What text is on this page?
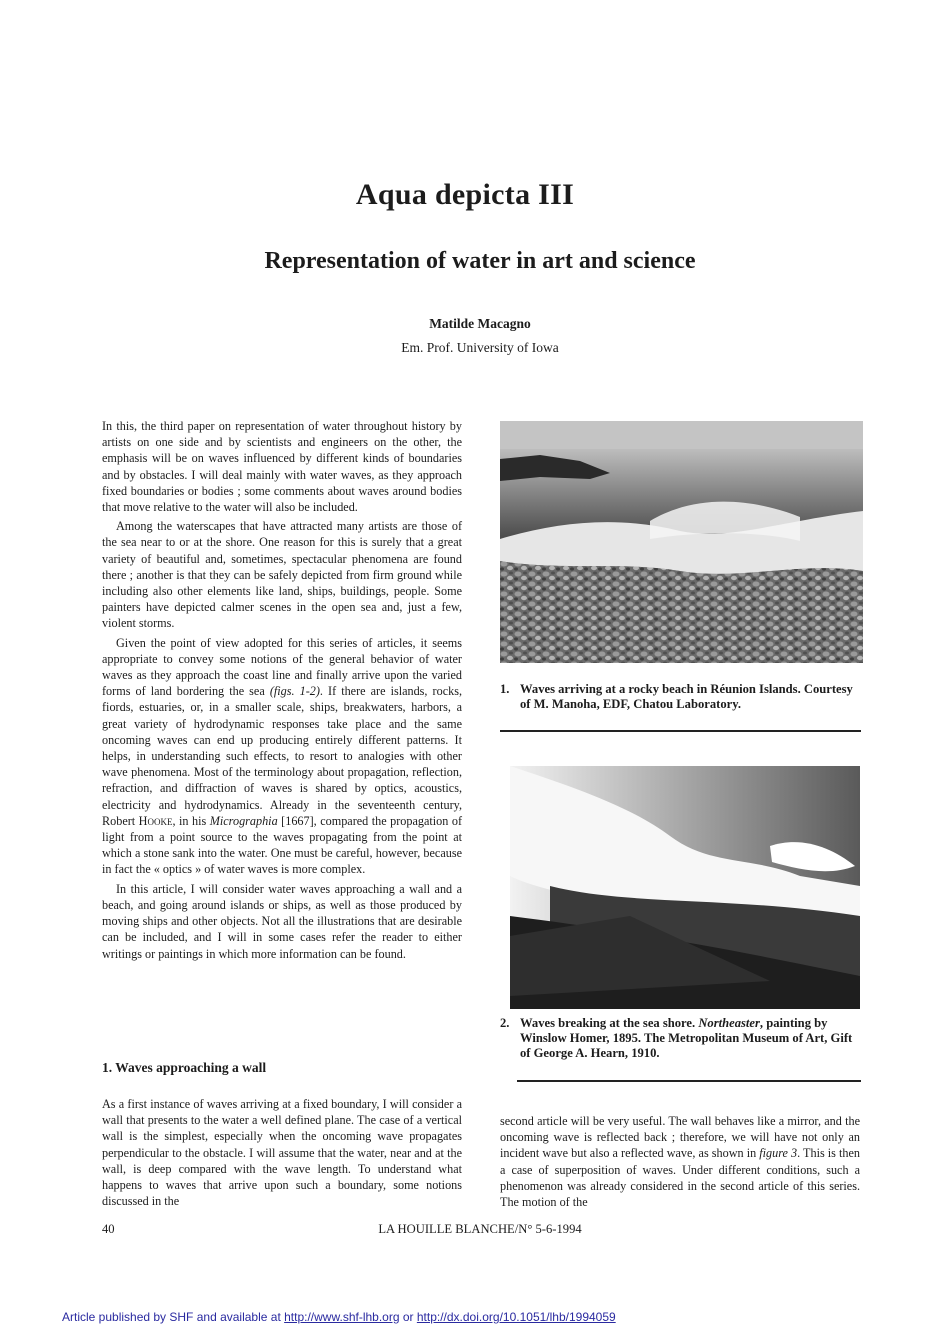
Aqua depicta III
Representation of water in art and science
Matilde Macagno
Em. Prof. University of Iowa

In this, the third paper on representation of water throughout history by artists on one side and by scientists and engineers on the other, the emphasis will be on waves influenced by different kinds of boundaries and by obstacles. I will deal mainly with water waves, as they approach fixed boundaries or bodies ; some comments about waves around bodies that move relative to the water will also be included.

Among the waterscapes that have attracted many artists are those of the sea near to or at the shore. One reason for this is surely that a great variety of beautiful and, sometimes, spectacular phenomena are found there ; another is that they can be safely depicted from firm ground while including also other elements like land, ships, buildings, people. Some painters have depicted calmer scenes in the open sea and, just a few, violent storms.

Given the point of view adopted for this series of articles, it seems appropriate to convey some notions of the general behavior of water waves as they approach the coast line and finally arrive upon the varied forms of land bordering the sea (figs. 1-2). If there are islands, rocks, fiords, estuaries, or, in a smaller scale, ships, breakwaters, harbors, a great variety of hydrodynamic responses take place and the same oncoming waves can end up producing entirely different patterns. It helps, in understanding such effects, to resort to analogies with other wave phenomena. Most of the terminology about propagation, reflection, refraction, and diffraction of waves is shared by optics, acoustics, electricity and hydrodynamics. Already in the seventeenth century, Robert Hooke, in his Micrographia [1667], compared the propagation of light from a point source to the waves propagating from the point at which a stone sank into the water. One must be careful, however, because in fact the « optics » of water waves is more complex.

In this article, I will consider water waves approaching a wall and a beach, and going around islands or ships, as well as those produced by moving ships and other objects. Not all the illustrations that are desirable can be included, and I will in some cases refer the reader to either writings or paintings in which more information can be found.

1. Waves approaching a wall

As a first instance of waves arriving at a fixed boundary, I will consider a wall that presents to the water a well defined plane. The case of a vertical wall is the simplest, especially when the oncoming wave propagates perpendicular to the obstacle. I will assume that the water, near and at the wall, is deep compared with the wave length. To understand what happens to waves that arrive upon such a boundary, some notions discussed in the

second article will be very useful. The wall behaves like a mirror, and the oncoming wave is reflected back ; therefore, we will have not only an incident wave but also a reflected wave, as shown in figure 3. This is then a case of superposition of waves. Under different conditions, such a phenomenon was already considered in the second article of this series. The motion of the

1. Waves arriving at a rocky beach in Réunion Islands. Courtesy of M. Manoha, EDF, Chatou Laboratory.
2. Waves breaking at the sea shore. Northeaster, painting by Winslow Homer, 1895. The Metropolitan Museum of Art, Gift of George A. Hearn, 1910.
40	LA HOUILLE BLANCHE/N° 5-6-1994
Article published by SHF and available at http://www.shf-lhb.org or http://dx.doi.org/10.1051/lhb/1994059
